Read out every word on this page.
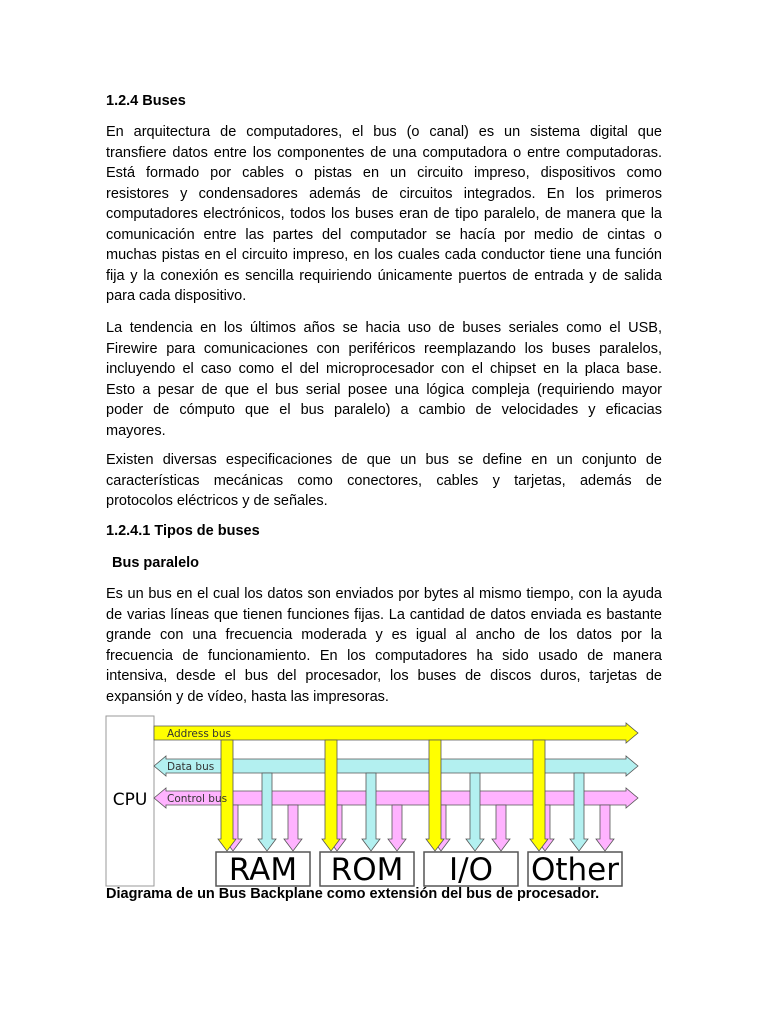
1.2.4 Buses
En arquitectura de computadores, el bus (o canal) es un sistema digital que
transfiere datos entre los componentes de una computadora o entre computadoras.
Está formado por cables o pistas en un circuito impreso, dispositivos como
resistores y condensadores además de circuitos integrados. En los primeros
computadores electrónicos, todos los buses eran de tipo paralelo, de manera que la
comunicación entre las partes del computador se hacía por medio de cintas o
muchas pistas en el circuito impreso, en los cuales cada conductor tiene una función
fija y la conexión es sencilla requiriendo únicamente puertos de entrada y de salida
para cada dispositivo.
La tendencia en los últimos años se hacia uso de buses seriales como el USB,
Firewire para comunicaciones con periféricos reemplazando los buses paralelos,
incluyendo el caso como el del microprocesador con el chipset en la placa base.
Esto a pesar de que el bus serial posee una lógica compleja (requiriendo mayor
poder de cómputo que el bus paralelo) a cambio de velocidades y eficacias
mayores.
Existen diversas especificaciones de que un bus se define en un conjunto de
características mecánicas como conectores, cables y tarjetas, además de
protocolos eléctricos y de señales.
1.2.4.1 Tipos de buses
Bus paralelo
Es un bus en el cual los datos son enviados por bytes al mismo tiempo, con la ayuda
de varias líneas que tienen funciones fijas. La cantidad de datos enviada es bastante
grande con una frecuencia moderada y es igual al ancho de los datos por la
frecuencia de funcionamiento. En los computadores ha sido usado de manera
intensiva, desde el bus del procesador, los buses de discos duros, tarjetas de
expansión y de vídeo, hasta las impresoras.
Diagrama de un Bus Backplane como extensión del bus de procesador.
CPU
Address bus
Data bus
Control bus
RAM ROM I/O Other
